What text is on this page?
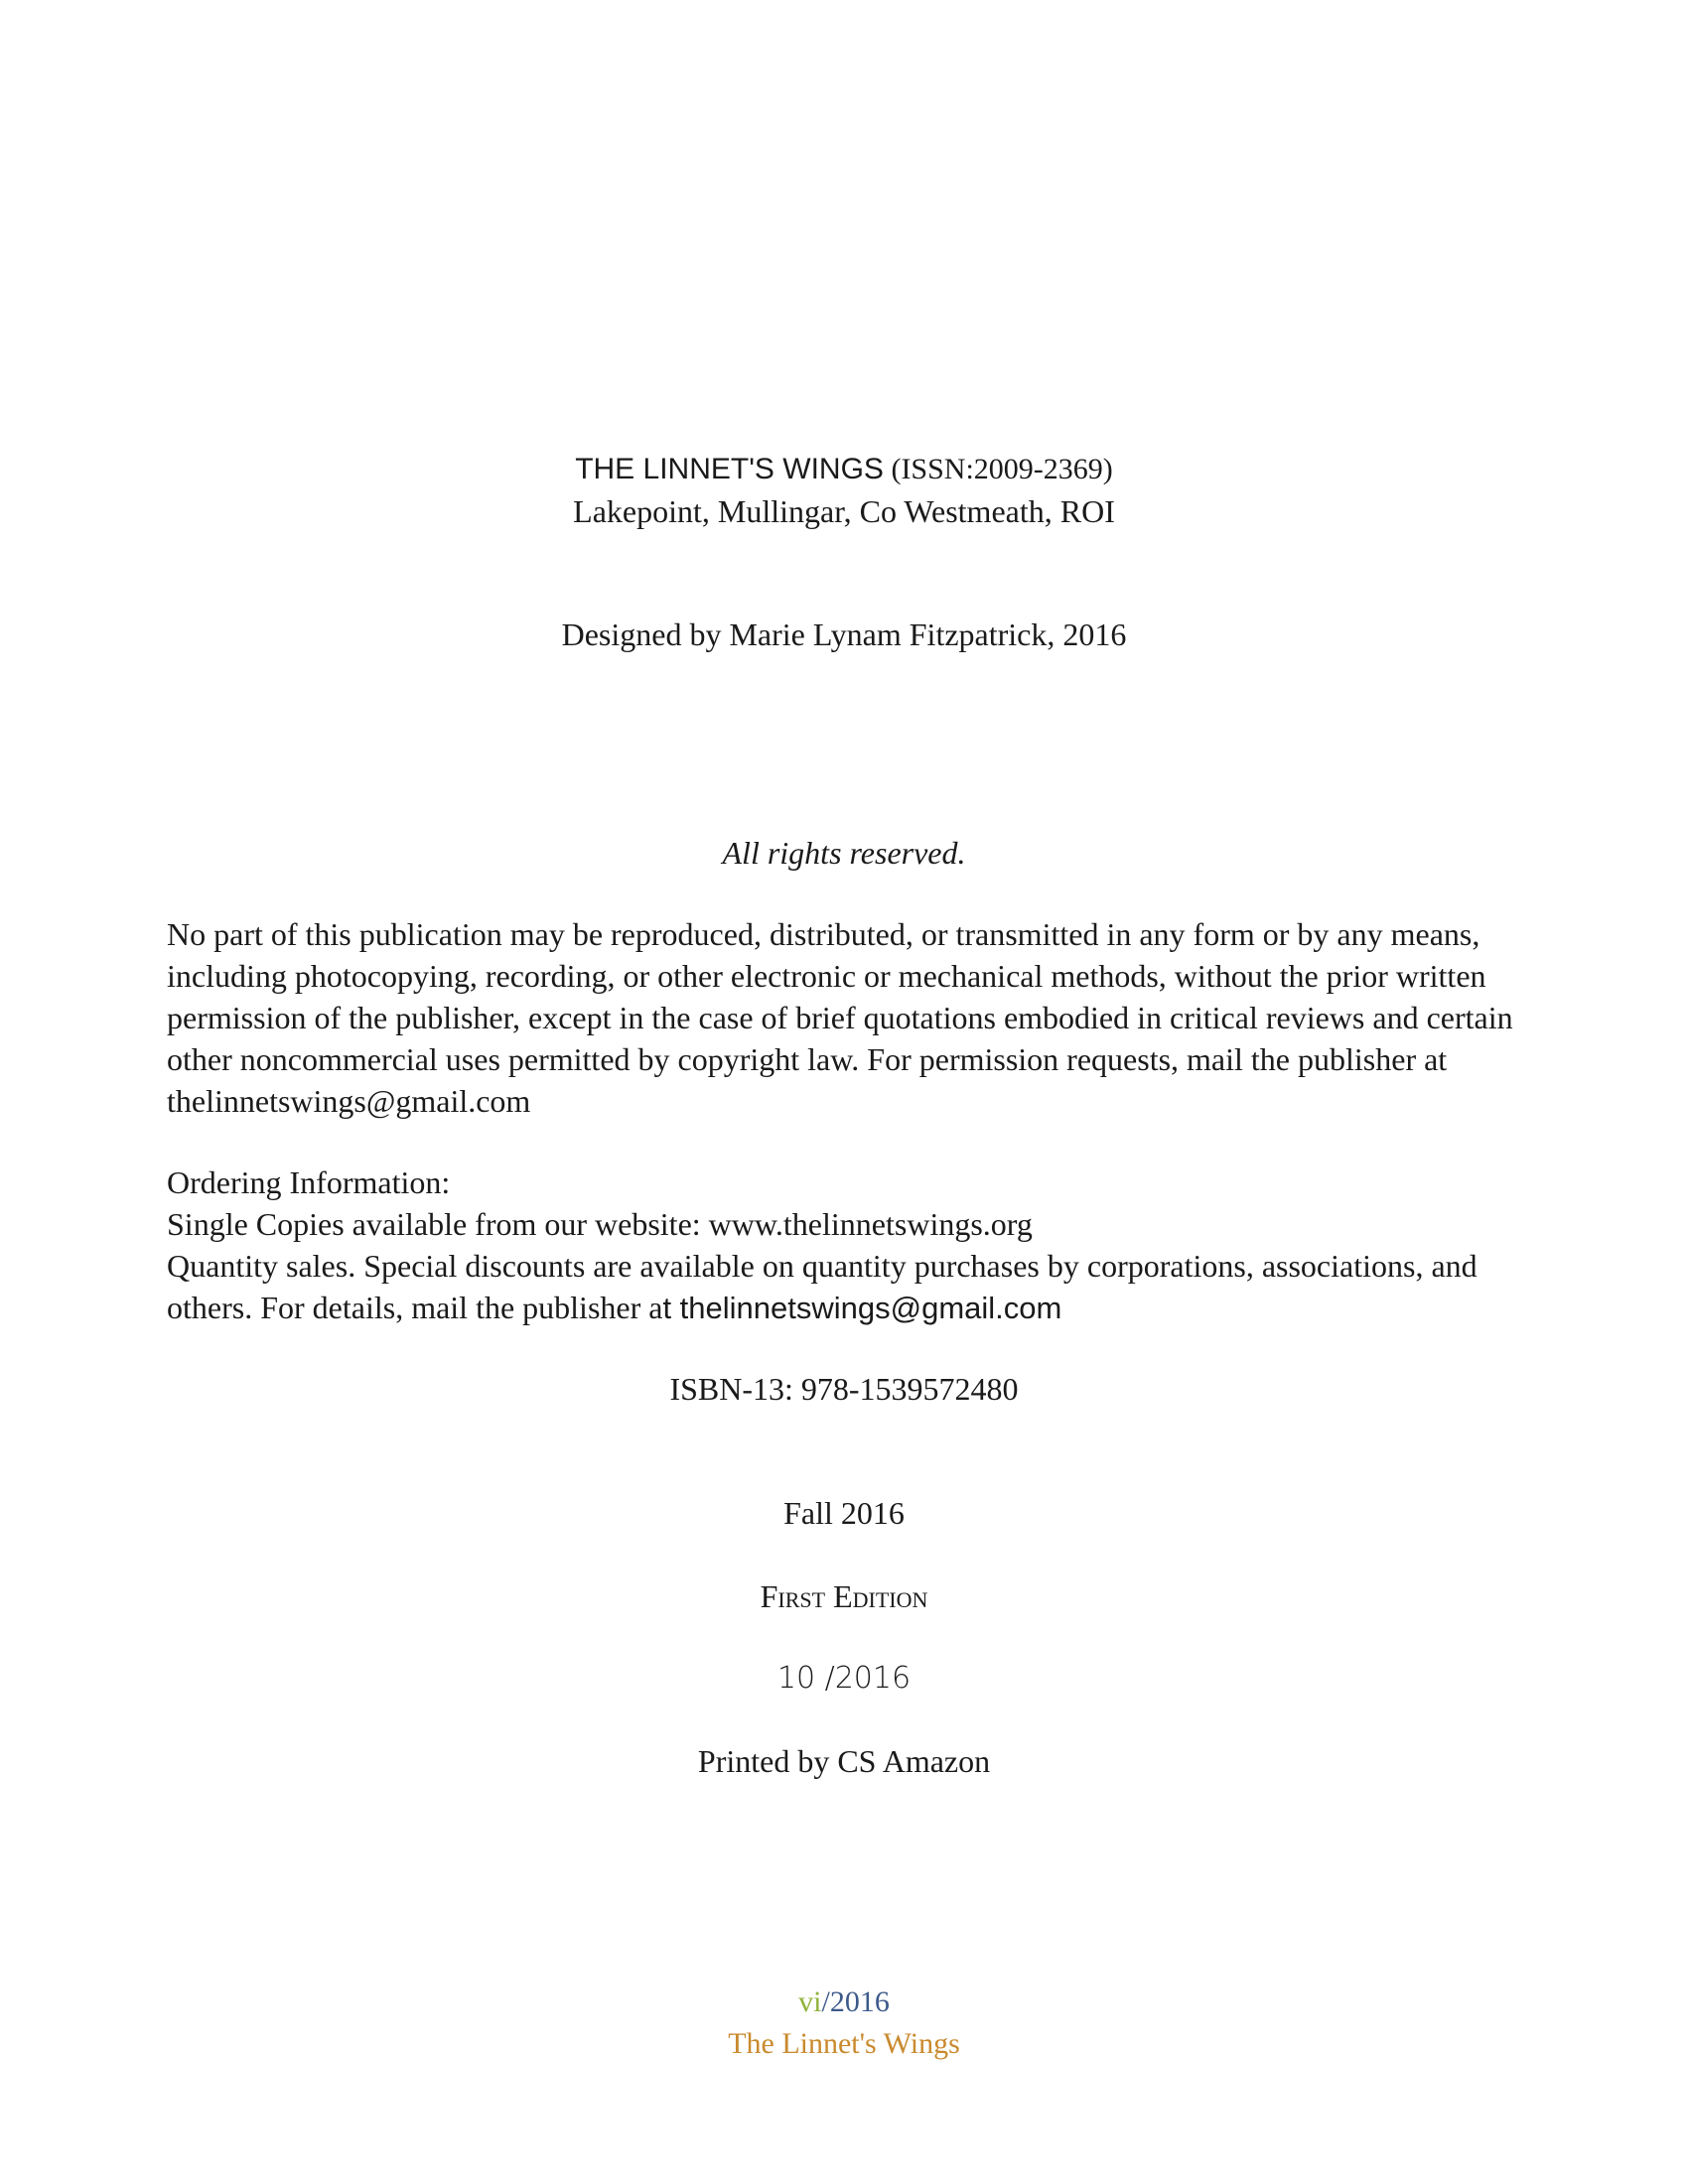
THE LINNET'S WINGS (ISSN:2009-2369)
Lakepoint, Mullingar, Co Westmeath, ROI
Designed by Marie Lynam Fitzpatrick, 2016
All rights reserved.

No part of this publication may be reproduced, distributed, or transmitted in any form or by any means,

including photocopying, recording, or other electronic or mechanical methods, without the prior written

permission of the publisher, except in the case of brief quotations embodied in critical reviews and certain

other noncommercial uses permitted by copyright law. For permission requests, mail the publisher at

thelinnetswings@gmail.com

Ordering Information:

Single Copies available from our website: www.thelinnetswings.org

Quantity sales. Special discounts are available on quantity purchases by corporations, associations, and

others. For details, mail the publisher at thelinnetswings@gmail.com

ISBN-13: 978-1539572480
Fall 2016
First Edition
10 /2016
Printed by CS Amazon
vi/2016
The Linnet's Wings
